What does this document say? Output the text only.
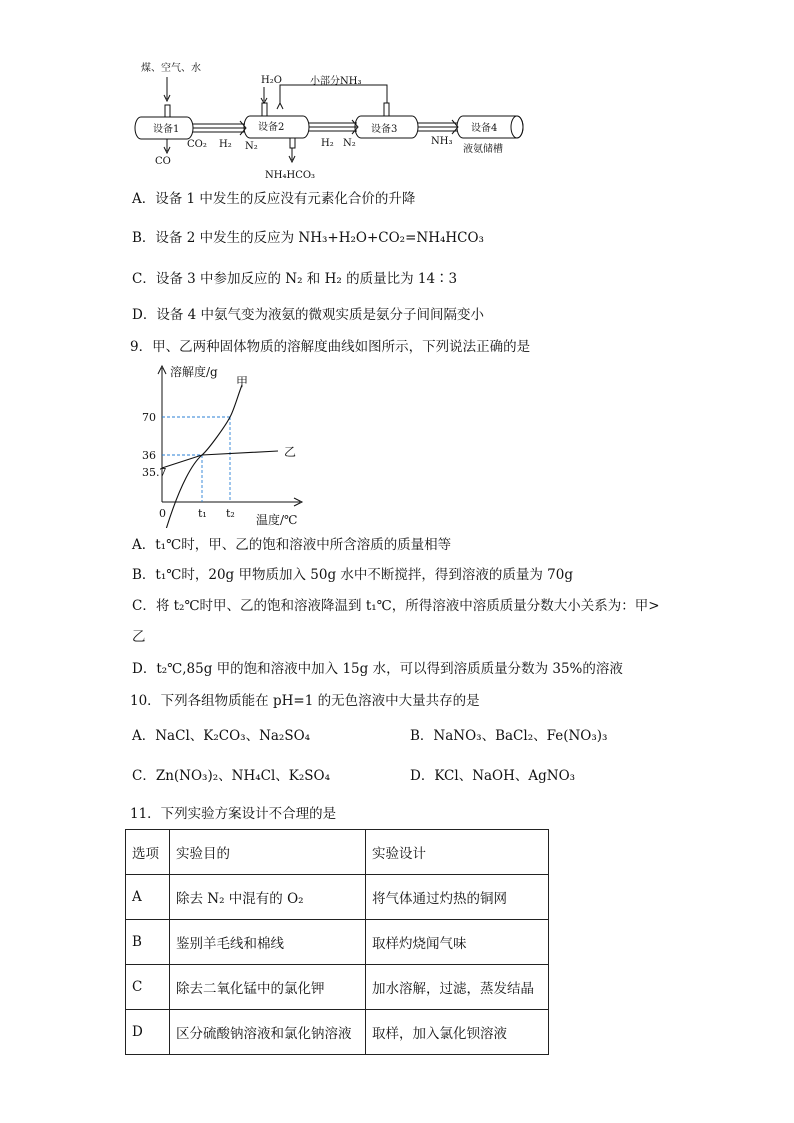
煤、空气、水
H₂O	小部分NH₃
设备1	设备2	设备3	设备4
CO
CO₂ H₂ N₂
NH₄HCO₃
H₂ N₂	NH₃
液氨储槽
A．设备 1 中发生的反应没有元素化合价的升降
B．设备 2 中发生的反应为 NH₃+H₂O+CO₂=NH₄HCO₃
C．设备 3 中参加反应的 N₂ 和 H₂ 的质量比为 14∶3
D．设备 4 中氨气变为液氨的微观实质是氨分子间间隔变小
9．甲、乙两种固体物质的溶解度曲线如图所示，下列说法正确的是
溶解度/g
温度/℃
0
70
36
35.7
t₁ t₂
甲
乙
A．t₁℃时，甲、乙的饱和溶液中所含溶质的质量相等
B．t₁℃时，20g 甲物质加入 50g 水中不断搅拌，得到溶液的质量为 70g
C．将 t₂℃时甲、乙的饱和溶液降温到 t₁℃，所得溶液中溶质质量分数大小关系为：甲>
乙
D．t₂℃,85g 甲的饱和溶液中加入 15g 水，可以得到溶质质量分数为 35%的溶液
10．下列各组物质能在 pH=1 的无色溶液中大量共存的是
A．NaCl、K₂CO₃、Na₂SO₄	B．NaNO₃、BaCl₂、Fe(NO₃)₃
C．Zn(NO₃)₂、NH₄Cl、K₂SO₄	D．KCl、NaOH、AgNO₃
11．下列实验方案设计不合理的是
选项	实验目的	实验设计
A	除去 N₂ 中混有的 O₂	将气体通过灼热的铜网
B	鉴别羊毛线和棉线	取样灼烧闻气味
C	除去二氧化锰中的氯化钾	加水溶解，过滤，蒸发结晶
D	区分硫酸钠溶液和氯化钠溶液	取样，加入氯化钡溶液
